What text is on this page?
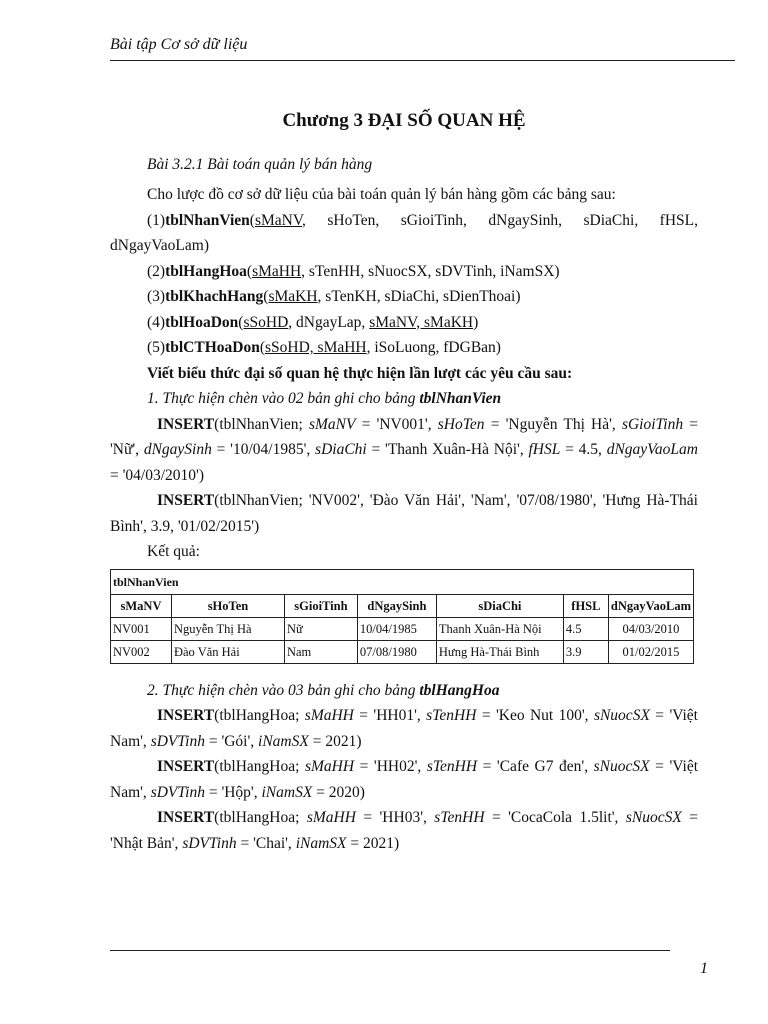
Bài tập Cơ sở dữ liệu
Chương 3 ĐẠI SỐ QUAN HỆ

Bài 3.2.1 Bài toán quản lý bán hàng

Cho lược đồ cơ sở dữ liệu của bài toán quản lý bán hàng gồm các bảng sau:

(1)tblNhanVien(sMaNV, sHoTen, sGioiTinh, dNgaySinh, sDiaChi, fHSL, dNgayVaoLam)

(2)tblHangHoa(sMaHH, sTenHH, sNuocSX, sDVTinh, iNamSX)

(3)tblKhachHang(sMaKH, sTenKH, sDiaChi, sDienThoai)

(4)tblHoaDon(sSoHD, dNgayLap, sMaNV, sMaKH)

(5)tblCTHoaDon(sSoHD, sMaHH, iSoLuong, fDGBan)

Viết biểu thức đại số quan hệ thực hiện lần lượt các yêu cầu sau:

1. Thực hiện chèn vào 02 bản ghi cho bảng tblNhanVien

INSERT(tblNhanVien; sMaNV = 'NV001', sHoTen = 'Nguyễn Thị Hà', sGioiTinh = 'Nữ', dNgaySinh = '10/04/1985', sDiaChi = 'Thanh Xuân-Hà Nội', fHSL = 4.5, dNgayVaoLam = '04/03/2010')

INSERT(tblNhanVien; 'NV002', 'Đào Văn Hải', 'Nam', '07/08/1980', 'Hưng Hà-Thái Bình', 3.9, '01/02/2015')

Kết quả:

tblNhanVien						
sMaNV	sHoTen	sGioiTinh	dNgaySinh	sDiaChi	fHSL	dNgayVaoLam
NV001	Nguyễn Thị Hà	Nữ	10/04/1985	Thanh Xuân-Hà Nội	4.5	04/03/2010
NV002	Đào Văn Hải	Nam	07/08/1980	Hưng Hà-Thái Bình	3.9	01/02/2015

2. Thực hiện chèn vào 03 bản ghi cho bảng tblHangHoa

INSERT(tblHangHoa; sMaHH = 'HH01', sTenHH = 'Keo Nut 100', sNuocSX = 'Việt Nam', sDVTinh = 'Gói', iNamSX = 2021)

INSERT(tblHangHoa; sMaHH = 'HH02', sTenHH = 'Cafe G7 đen', sNuocSX = 'Việt Nam', sDVTinh = 'Hộp', iNamSX = 2020)

INSERT(tblHangHoa; sMaHH = 'HH03', sTenHH = 'CocaCola 1.5lit', sNuocSX = 'Nhật Bản', sDVTinh = 'Chai', iNamSX = 2021)

1
